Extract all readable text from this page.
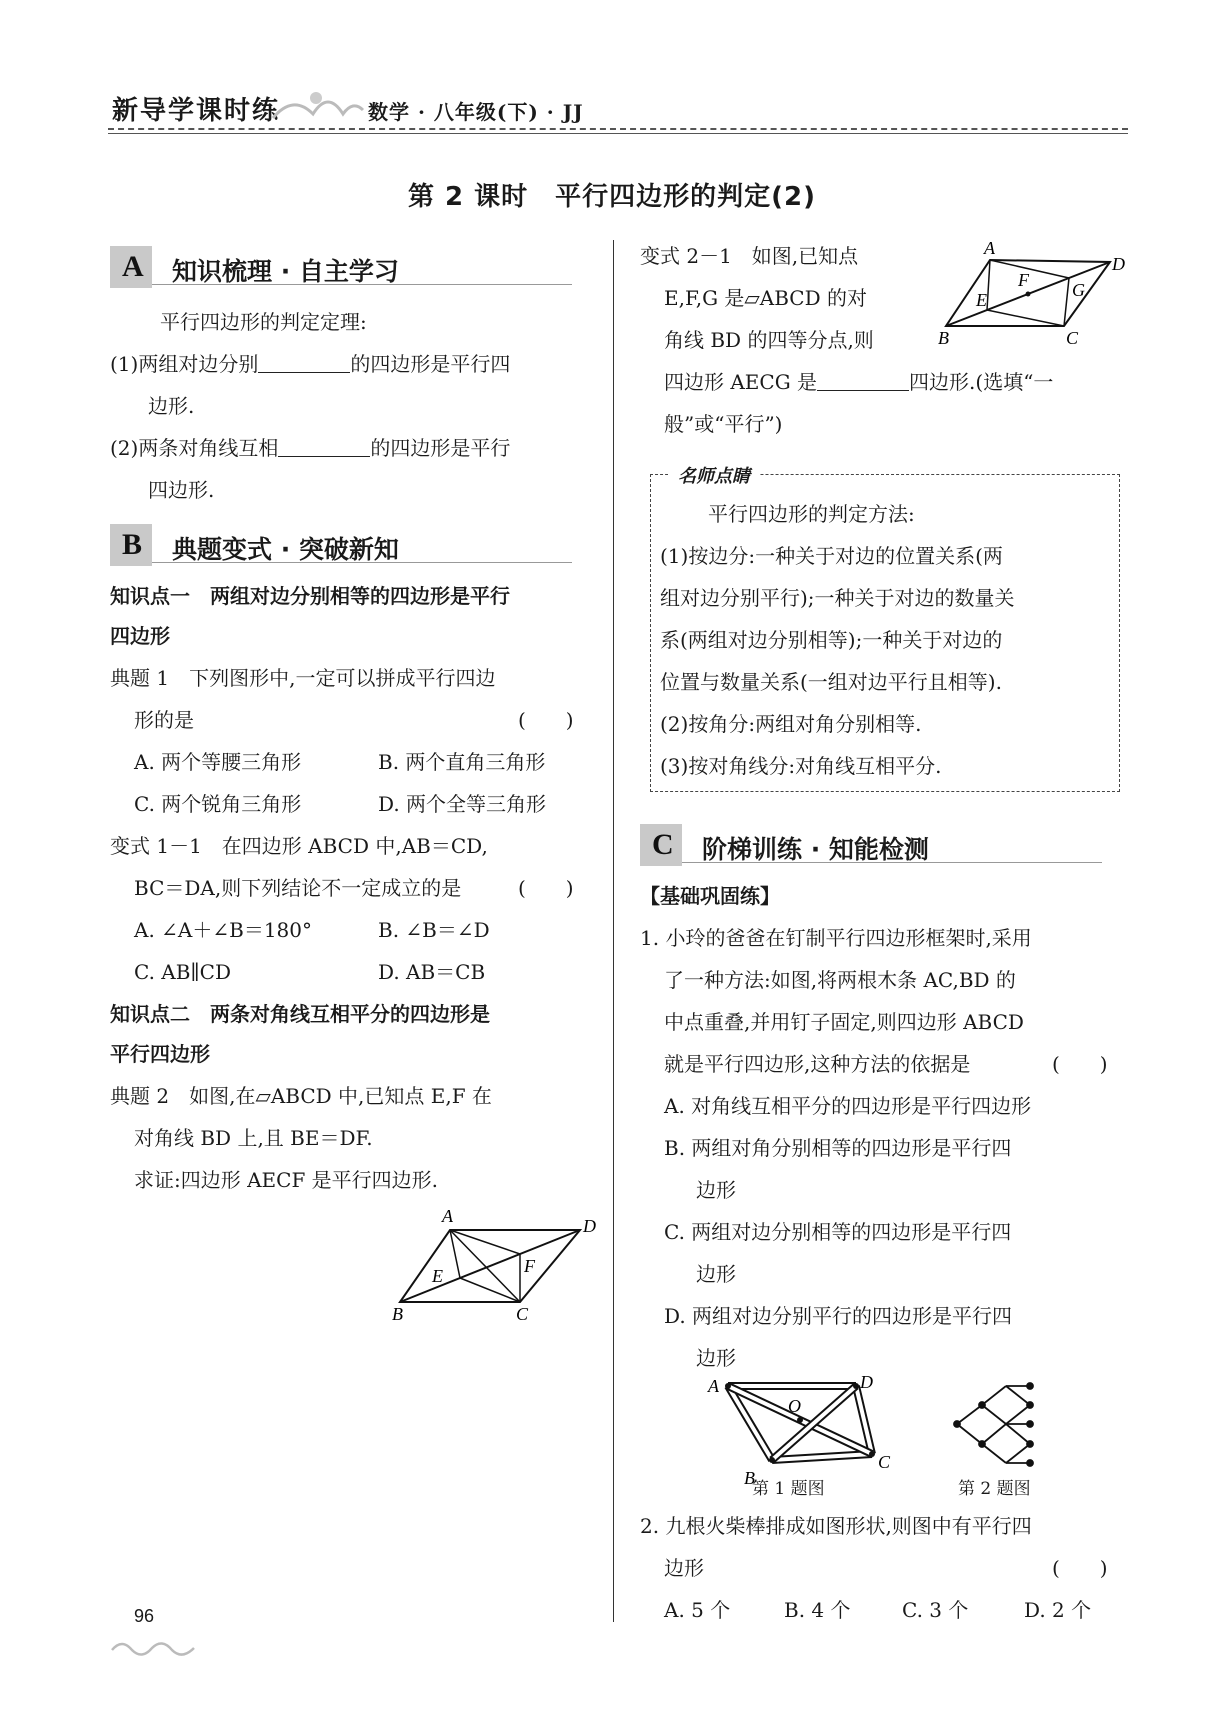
新导学课时练	数学 · 八年级(下) · JJ
第 2 课时　平行四边形的判定(2)
A 知识梳理 · 自主学习
平行四边形的判定定理:
(1)两组对边分别	的四边形是平行四
边形.
(2)两条对角线互相	的四边形是平行
四边形.
B 典题变式 · 突破新知
知识点一　两组对边分别相等的四边形是平行
四边形
典题 1　下列图形中,一定可以拼成平行四边
形的是	(　　)
A. 两个等腰三角形	B. 两个直角三角形
C. 两个锐角三角形	D. 两个全等三角形
变式 1－1　在四边形 ABCD 中,AB＝CD,
BC＝DA,则下列结论不一定成立的是	(　　)
A. ∠A＋∠B＝180°	B. ∠B＝∠D
C. AB∥CD	D. AB＝CB
知识点二　两条对角线互相平分的四边形是
平行四边形
典题 2　如图,在▱ABCD 中,已知点 E,F 在
对角线 BD 上,且 BE＝DF.
求证:四边形 AECF 是平行四边形.
A	D
B	C
E	F
变式 2－1　如图,已知点
E,F,G 是▱ABCD 的对
角线 BD 的四等分点,则
四边形 AECG 是	四边形.(选填“一
般”或“平行”)
A
D
B	C
E
F G
名师点睛
平行四边形的判定方法:
(1)按边分:一种关于对边的位置关系(两
组对边分别平行);一种关于对边的数量关
系(两组对边分别相等);一种关于对边的
位置与数量关系(一组对边平行且相等).
(2)按角分:两组对角分别相等.
(3)按对角线分:对角线互相平分.
C 阶梯训练 · 知能检测
【基础巩固练】
1. 小玲的爸爸在钉制平行四边形框架时,采用
了一种方法:如图,将两根木条 AC,BD 的
中点重叠,并用钉子固定,则四边形 ABCD
就是平行四边形,这种方法的依据是	(　　)
A. 对角线互相平分的四边形是平行四边形
B. 两组对角分别相等的四边形是平行四
边形
C. 两组对边分别相等的四边形是平行四
边形
D. 两组对边分别平行的四边形是平行四
边形
A	D
O
B
C
第 1 题图	第 2 题图
2. 九根火柴棒排成如图形状,则图中有平行四
边形	(　　)
A. 5 个	B. 4 个	C. 3 个	D. 2 个
96
